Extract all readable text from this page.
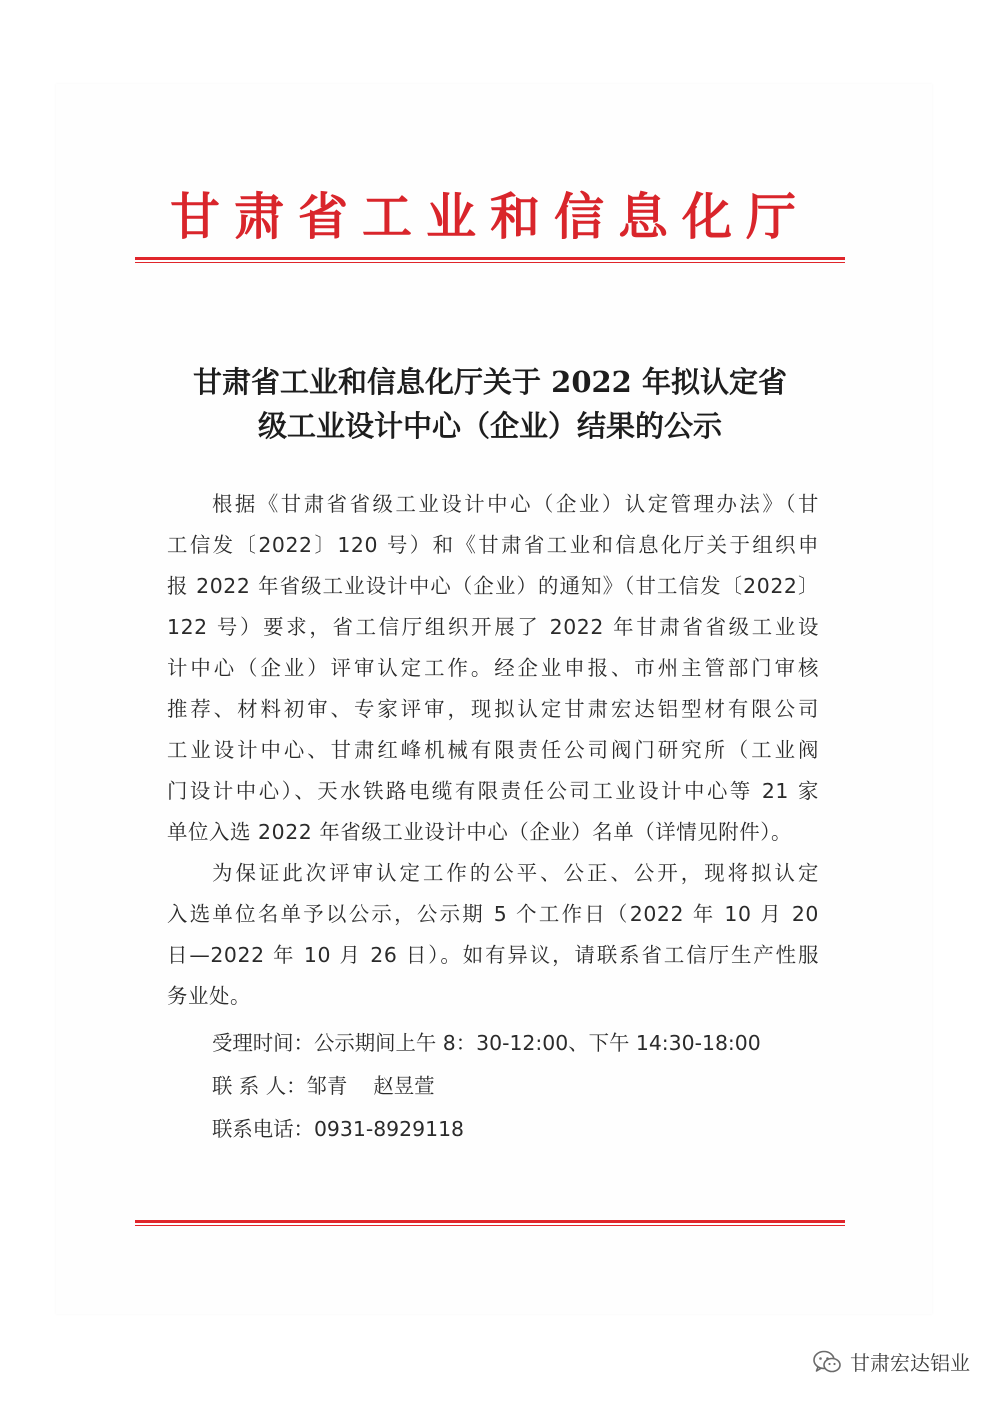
甘肃省工业和信息化厅
甘肃省工业和信息化厅关于 2022 年拟认定省
级工业设计中心（企业）结果的公示
根据《甘肃省省级工业设计中心（企业）认定管理办法》（甘
工信发〔2022〕120 号）和《甘肃省工业和信息化厅关于组织申
报 2022 年省级工业设计中心（企业）的通知》（甘工信发〔2022〕
122 号）要求，省工信厅组织开展了 2022 年甘肃省省级工业设
计中心（企业）评审认定工作。经企业申报、市州主管部门审核
推荐、材料初审、专家评审，现拟认定甘肃宏达铝型材有限公司
工业设计中心、甘肃红峰机械有限责任公司阀门研究所（工业阀
门设计中心）、天水铁路电缆有限责任公司工业设计中心等 21 家
单位入选 2022 年省级工业设计中心（企业）名单（详情见附件）。
为保证此次评审认定工作的公平、公正、公开，现将拟认定
入选单位名单予以公示，公示期 5 个工作日（2022 年 10 月 20
日—2022 年 10 月 26 日）。如有异议，请联系省工信厅生产性服
务业处。
受理时间：公示期间上午 8：30-12:00、下午 14:30-18:00
联 系 人：邹青 赵昱萱
联系电话：0931-8929118
甘肃宏达铝业
